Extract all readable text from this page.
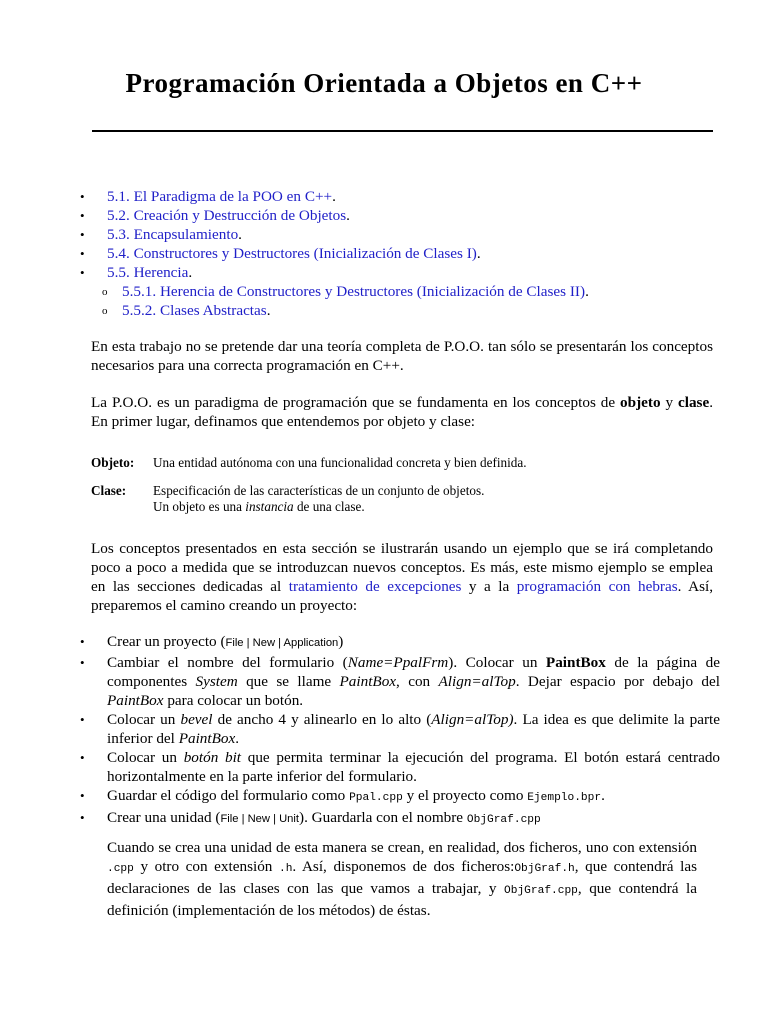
Programación Orientada a Objetos en C++
• 5.1. El Paradigma de la POO en C++.
• 5.2. Creación y Destrucción de Objetos.
• 5.3. Encapsulamiento.
• 5.4. Constructores y Destructores (Inicialización de Clases I).
• 5.5. Herencia.
o 5.5.1. Herencia de Constructores y Destructores (Inicialización de Clases II).
o 5.5.2. Clases Abstractas.

En esta trabajo no se pretende dar una teoría completa de P.O.O. tan sólo se presentarán los conceptos necesarios para una correcta programación en C++.

La P.O.O. es un paradigma de programación que se fundamenta en los conceptos de objeto y clase. En primer lugar, definamos que entendemos por objeto y clase:

Objeto: Una entidad autónoma con una funcionalidad concreta y bien definida.
Clase: Especificación de las características de un conjunto de objetos.
Un objeto es una instancia de una clase.

Los conceptos presentados en esta sección se ilustrarán usando un ejemplo que se irá completando poco a poco a medida que se introduzcan nuevos conceptos. Es más, este mismo ejemplo se emplea en las secciones dedicadas al tratamiento de excepciones y a la programación con hebras. Así, preparemos el camino creando un proyecto:

• Crear un proyecto (File | New | Application)
• Cambiar el nombre del formulario (Name=PpalFrm). Colocar un PaintBox de la página de componentes System que se llame PaintBox, con Align=alTop. Dejar espacio por debajo del PaintBox para colocar un botón.
• Colocar un bevel de ancho 4 y alinearlo en lo alto (Align=alTop). La idea es que delimite la parte inferior del PaintBox.
• Colocar un botón bit que permita terminar la ejecución del programa. El botón estará centrado horizontalmente en la parte inferior del formulario.
• Guardar el código del formulario como Ppal.cpp y el proyecto como Ejemplo.bpr.
• Crear una unidad (File | New | Unit). Guardarla con el nombre ObjGraf.cpp

Cuando se crea una unidad de esta manera se crean, en realidad, dos ficheros, uno con extensión .cpp y otro con extensión .h. Así, disponemos de dos ficheros:ObjGraf.h, que contendrá las declaraciones de las clases con las que vamos a trabajar, y ObjGraf.cpp, que contendrá la definición (implementación de los métodos) de éstas.
